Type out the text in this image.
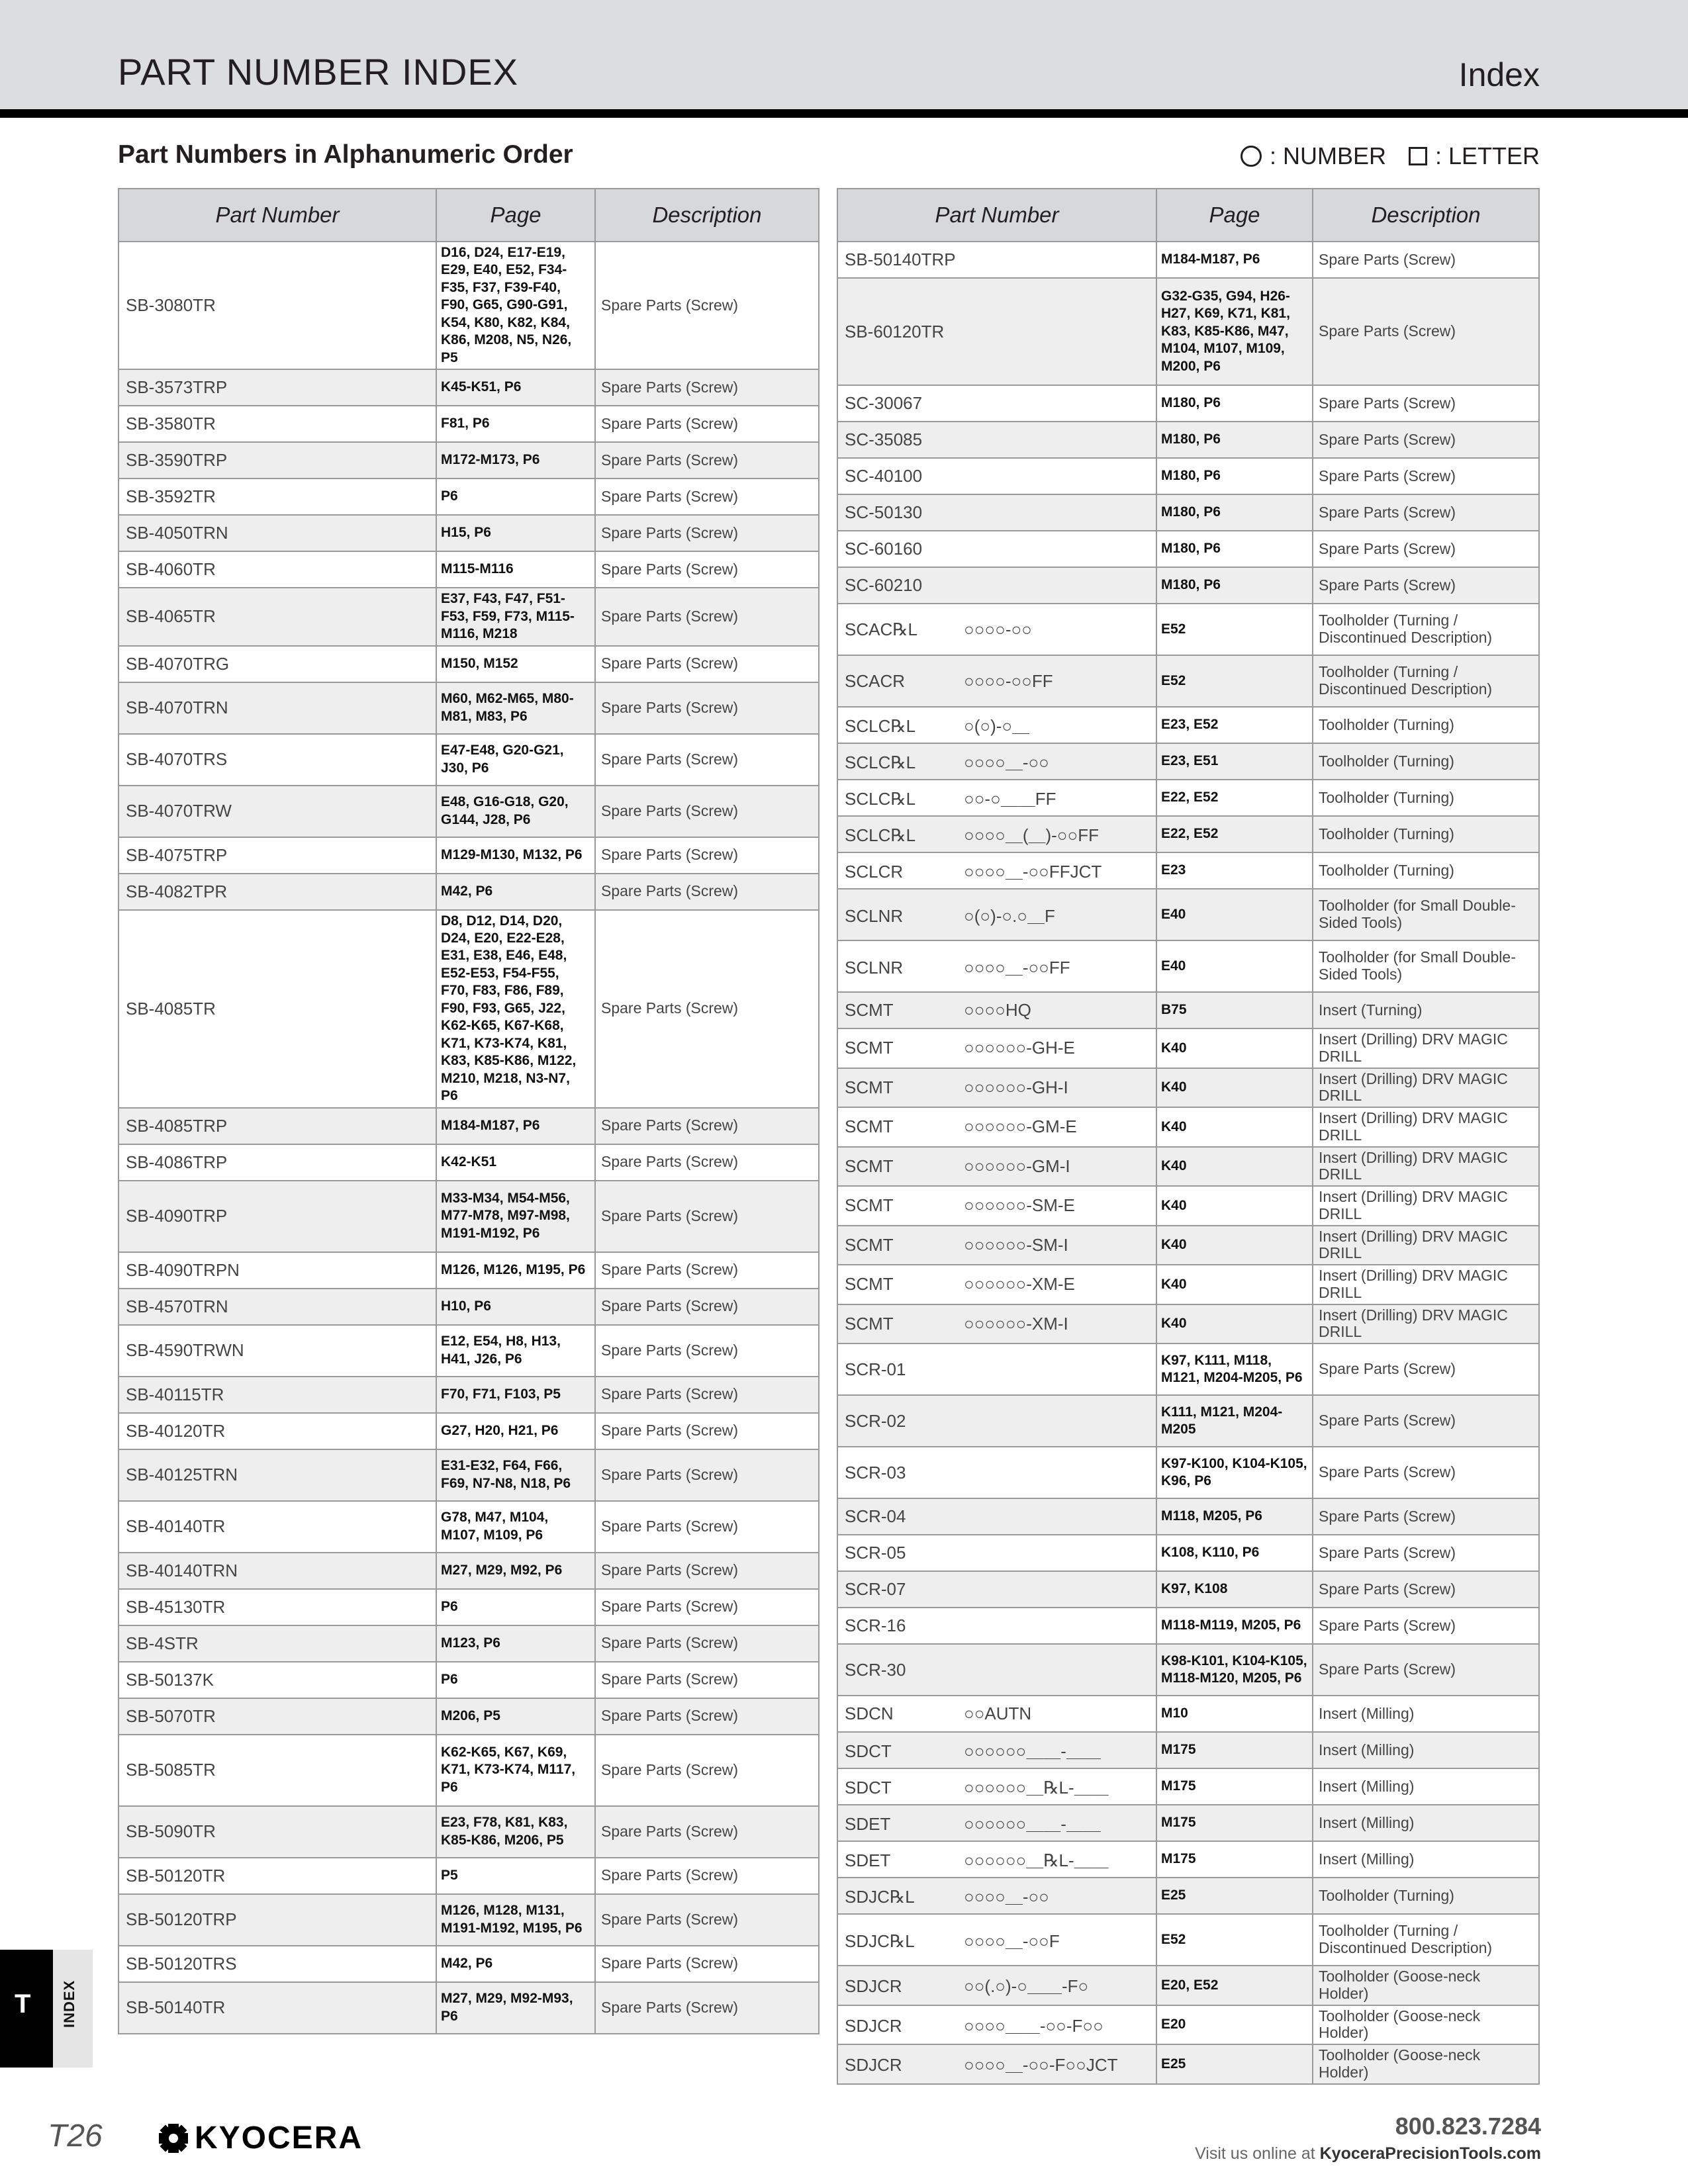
PART NUMBER INDEX	Index
Part Numbers in Alphanumeric Order	: NUMBER : LETTER
Part Number	Page	Description
SB-3080TR	D16, D24, E17-E19, E29, E40, E52, F34-F35, F37, F39-F40, F90, G65, G90-G91, K54, K80, K82, K84, K86, M208, N5, N26, P5	Spare Parts (Screw)
SB-3573TRP	K45-K51, P6	Spare Parts (Screw)
SB-3580TR	F81, P6	Spare Parts (Screw)
SB-3590TRP	M172-M173, P6	Spare Parts (Screw)
SB-3592TR	P6	Spare Parts (Screw)
SB-4050TRN	H15, P6	Spare Parts (Screw)
SB-4060TR	M115-M116	Spare Parts (Screw)
SB-4065TR	E37, F43, F47, F51-F53, F59, F73, M115-M116, M218	Spare Parts (Screw)
SB-4070TRG	M150, M152	Spare Parts (Screw)
SB-4070TRN	M60, M62-M65, M80-M81, M83, P6	Spare Parts (Screw)
SB-4070TRS	E47-E48, G20-G21, J30, P6	Spare Parts (Screw)
SB-4070TRW	E48, G16-G18, G20, G144, J28, P6	Spare Parts (Screw)
SB-4075TRP	M129-M130, M132, P6	Spare Parts (Screw)
SB-4082TPR	M42, P6	Spare Parts (Screw)
SB-4085TR	D8, D12, D14, D20, D24, E20, E22-E28, E31, E38, E46, E48, E52-E53, F54-F55, F70, F83, F86, F89, F90, F93, G65, J22, K62-K65, K67-K68, K71, K73-K74, K81, K83, K85-K86, M122, M210, M218, N3-N7, P6	Spare Parts (Screw)
SB-4085TRP	M184-M187, P6	Spare Parts (Screw)
SB-4086TRP	K42-K51	Spare Parts (Screw)
SB-4090TRP	M33-M34, M54-M56, M77-M78, M97-M98, M191-M192, P6	Spare Parts (Screw)
SB-4090TRPN	M126, M126, M195, P6	Spare Parts (Screw)
SB-4570TRN	H10, P6	Spare Parts (Screw)
SB-4590TRWN	E12, E54, H8, H13, H41, J26, P6	Spare Parts (Screw)
SB-40115TR	F70, F71, F103, P5	Spare Parts (Screw)
SB-40120TR	G27, H20, H21, P6	Spare Parts (Screw)
SB-40125TRN	E31-E32, F64, F66, F69, N7-N8, N18, P6	Spare Parts (Screw)
SB-40140TR	G78, M47, M104, M107, M109, P6	Spare Parts (Screw)
SB-40140TRN	M27, M29, M92, P6	Spare Parts (Screw)
SB-45130TR	P6	Spare Parts (Screw)
SB-4STR	M123, P6	Spare Parts (Screw)
SB-50137K	P6	Spare Parts (Screw)
SB-5070TR	M206, P5	Spare Parts (Screw)
SB-5085TR	K62-K65, K67, K69, K71, K73-K74, M117, P6	Spare Parts (Screw)
SB-5090TR	E23, F78, K81, K83, K85-K86, M206, P5	Spare Parts (Screw)
SB-50120TR	P5	Spare Parts (Screw)
SB-50120TRP	M126, M128, M131, M191-M192, M195, P6	Spare Parts (Screw)
SB-50120TRS	M42, P6	Spare Parts (Screw)
SB-50140TR	M27, M29, M92-M93, P6	Spare Parts (Screw)
Part Number	Page	Description
SB-50140TRP	M184-M187, P6	Spare Parts (Screw)
SB-60120TR	G32-G35, G94, H26-H27, K69, K71, K81, K83, K85-K86, M47, M104, M107, M109, M200, P6	Spare Parts (Screw)
SC-30067	M180, P6	Spare Parts (Screw)
SC-35085	M180, P6	Spare Parts (Screw)
SC-40100	M180, P6	Spare Parts (Screw)
SC-50130	M180, P6	Spare Parts (Screw)
SC-60160	M180, P6	Spare Parts (Screw)
SC-60210	M180, P6	Spare Parts (Screw)
SCAC℞L ○○○○-○○	E52	Toolholder (Turning / Discontinued Description)
SCACR ○○○○-○○FF	E52	Toolholder (Turning / Discontinued Description)
SCLC℞L ○(○)-○＿	E23, E52	Toolholder (Turning)
SCLC℞L ○○○○＿-○○	E23, E51	Toolholder (Turning)
SCLC℞L ○○-○＿＿FF	E22, E52	Toolholder (Turning)
SCLC℞L ○○○○＿(＿)-○○FF	E22, E52	Toolholder (Turning)
SCLCR ○○○○＿-○○FFJCT	E23	Toolholder (Turning)
SCLNR ○(○)-○.○＿F	E40	Toolholder (for Small Double-Sided Tools)
SCLNR ○○○○＿-○○FF	E40	Toolholder (for Small Double-Sided Tools)
SCMT ○○○○HQ	B75	Insert (Turning)
SCMT ○○○○○○-GH-E	K40	Insert (Drilling) DRV MAGIC DRILL
SCMT ○○○○○○-GH-I	K40	Insert (Drilling) DRV MAGIC DRILL
SCMT ○○○○○○-GM-E	K40	Insert (Drilling) DRV MAGIC DRILL
SCMT ○○○○○○-GM-I	K40	Insert (Drilling) DRV MAGIC DRILL
SCMT ○○○○○○-SM-E	K40	Insert (Drilling) DRV MAGIC DRILL
SCMT ○○○○○○-SM-I	K40	Insert (Drilling) DRV MAGIC DRILL
SCMT ○○○○○○-XM-E	K40	Insert (Drilling) DRV MAGIC DRILL
SCMT ○○○○○○-XM-I	K40	Insert (Drilling) DRV MAGIC DRILL
SCR-01	K97, K111, M118, M121, M204-M205, P6	Spare Parts (Screw)
SCR-02	K111, M121, M204-M205	Spare Parts (Screw)
SCR-03	K97-K100, K104-K105, K96, P6	Spare Parts (Screw)
SCR-04	M118, M205, P6	Spare Parts (Screw)
SCR-05	K108, K110, P6	Spare Parts (Screw)
SCR-07	K97, K108	Spare Parts (Screw)
SCR-16	M118-M119, M205, P6	Spare Parts (Screw)
SCR-30	K98-K101, K104-K105, M118-M120, M205, P6	Spare Parts (Screw)
SDCN ○○AUTN	M10	Insert (Milling)
SDCT ○○○○○○＿＿-＿＿	M175	Insert (Milling)
SDCT ○○○○○○＿℞L-＿＿	M175	Insert (Milling)
SDET ○○○○○○＿＿-＿＿	M175	Insert (Milling)
SDET ○○○○○○＿℞L-＿＿	M175	Insert (Milling)
SDJC℞L ○○○○＿-○○	E25	Toolholder (Turning)
SDJC℞L ○○○○＿-○○F	E52	Toolholder (Turning / Discontinued Description)
SDJCR ○○(.○)-○＿＿-F○	E20, E52	Toolholder (Goose-neck Holder)
SDJCR ○○○○＿＿-○○-F○○	E20	Toolholder (Goose-neck Holder)
SDJCR ○○○○＿-○○-F○○JCT	E25	Toolholder (Goose-neck Holder)
T INDEX
T26	KYOCERA	800.823.7284
Visit us online at KyoceraPrecisionTools.com
